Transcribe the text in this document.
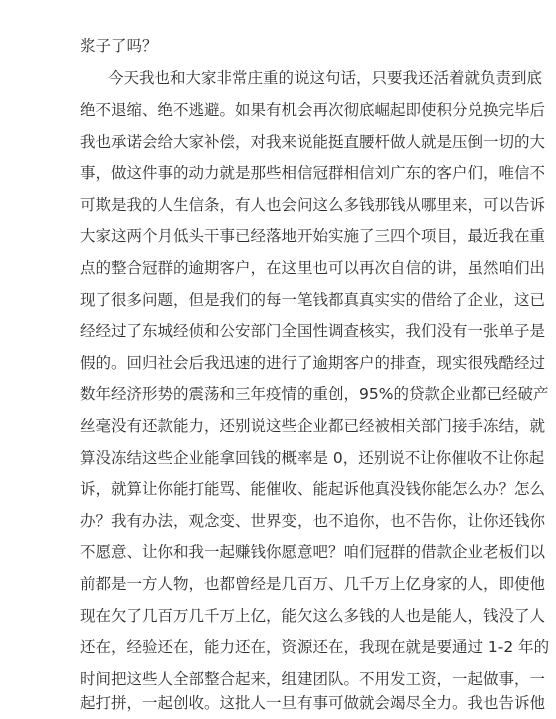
浆子了吗？
今天我也和大家非常庄重的说这句话，只要我还活着就负责到底
绝不退缩、绝不逃避。如果有机会再次彻底崛起即使积分兑换完毕后
我也承诺会给大家补偿，对我来说能挺直腰杆做人就是压倒一切的大
事，做这件事的动力就是那些相信冠群相信刘广东的客户们，唯信不
可欺是我的人生信条，有人也会问这么多钱那钱从哪里来，可以告诉
大家这两个月低头干事已经落地开始实施了三四个项目，最近我在重
点的整合冠群的逾期客户，在这里也可以再次自信的讲，虽然咱们出
现了很多问题，但是我们的每一笔钱都真真实实的借给了企业，这已
经经过了东城经侦和公安部门全国性调查核实，我们没有一张单子是
假的。回归社会后我迅速的进行了逾期客户的排查，现实很残酷经过
数年经济形势的震荡和三年疫情的重创，95%的贷款企业都已经破产
丝毫没有还款能力，还别说这些企业都已经被相关部门接手冻结，就
算没冻结这些企业能拿回钱的概率是 0，还别说不让你催收不让你起
诉，就算让你能打能骂、能催收、能起诉他真没钱你能怎么办？怎么
办？我有办法，观念变、世界变，也不追你，也不告你，让你还钱你
不愿意、让你和我一起赚钱你愿意吧？咱们冠群的借款企业老板们以
前都是一方人物，也都曾经是几百万、几千万上亿身家的人，即使他
现在欠了几百万几千万上亿，能欠这么多钱的人也是能人，钱没了人
还在，经验还在，能力还在，资源还在，我现在就是要通过 1-2 年的
时间把这些人全部整合起来，组建团队。不用发工资，一起做事，一
起打拼，一起创收。这批人一旦有事可做就会竭尽全力。我也告诉他
